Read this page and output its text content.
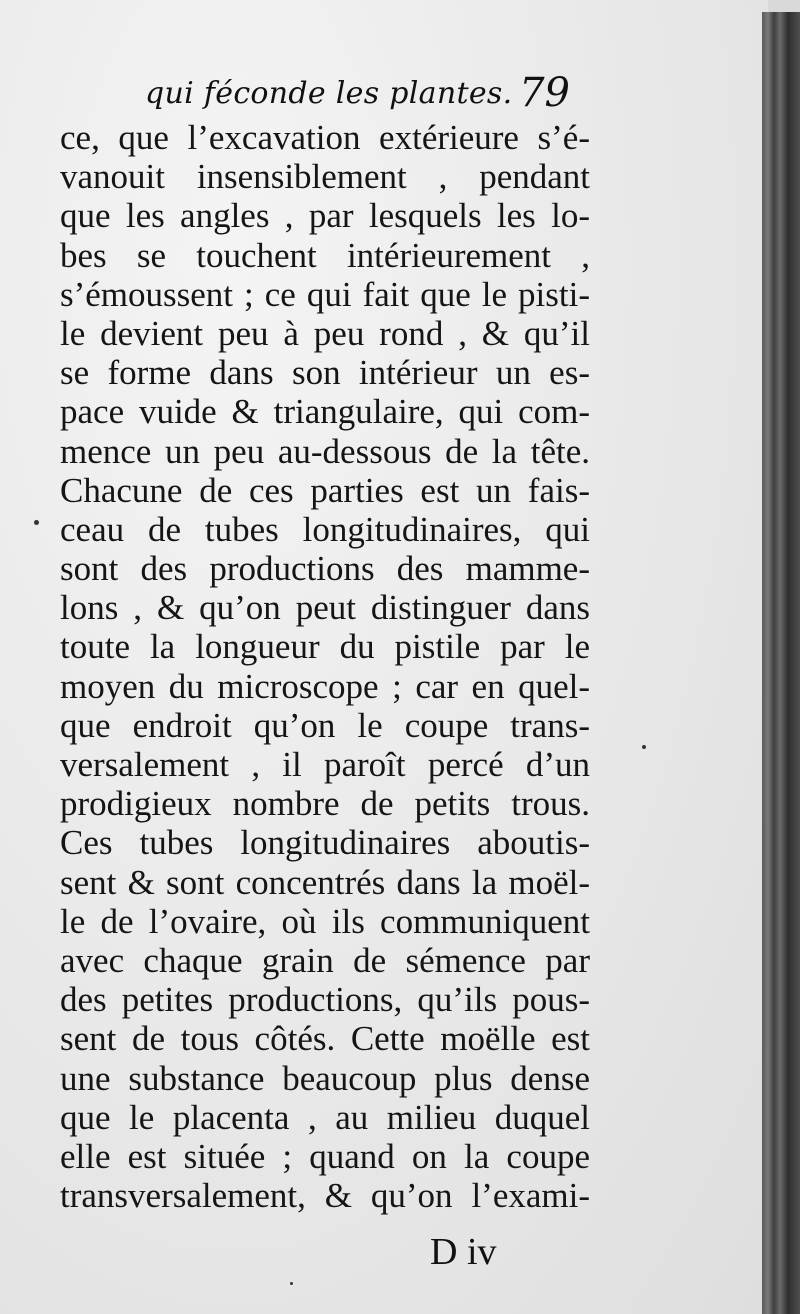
qui féconde les plantes. 79
ce, que l’excavation extérieure s’é-
vanouit insensiblement , pendant
que les angles , par lesquels les lo-
bes se touchent intérieurement ,
s’émoussent ; ce qui fait que le pisti-
le devient peu à peu rond , & qu’il
se forme dans son intérieur un es-
pace vuide & triangulaire, qui com-
mence un peu au-dessous de la tête.
Chacune de ces parties est un fais-
ceau de tubes longitudinaires, qui
sont des productions des mamme-
lons , & qu’on peut distinguer dans
toute la longueur du pistile par le
moyen du microscope ; car en quel-
que endroit qu’on le coupe trans-
versalement , il paroît percé d’un
prodigieux nombre de petits trous.
Ces tubes longitudinaires aboutis-
sent & sont concentrés dans la moël-
le de l’ovaire, où ils communiquent
avec chaque grain de sémence par
des petites productions, qu’ils pous-
sent de tous côtés. Cette moëlle est
une substance beaucoup plus dense
que le placenta , au milieu duquel
elle est située ; quand on la coupe
transversalement, & qu’on l’exami-
D iv
